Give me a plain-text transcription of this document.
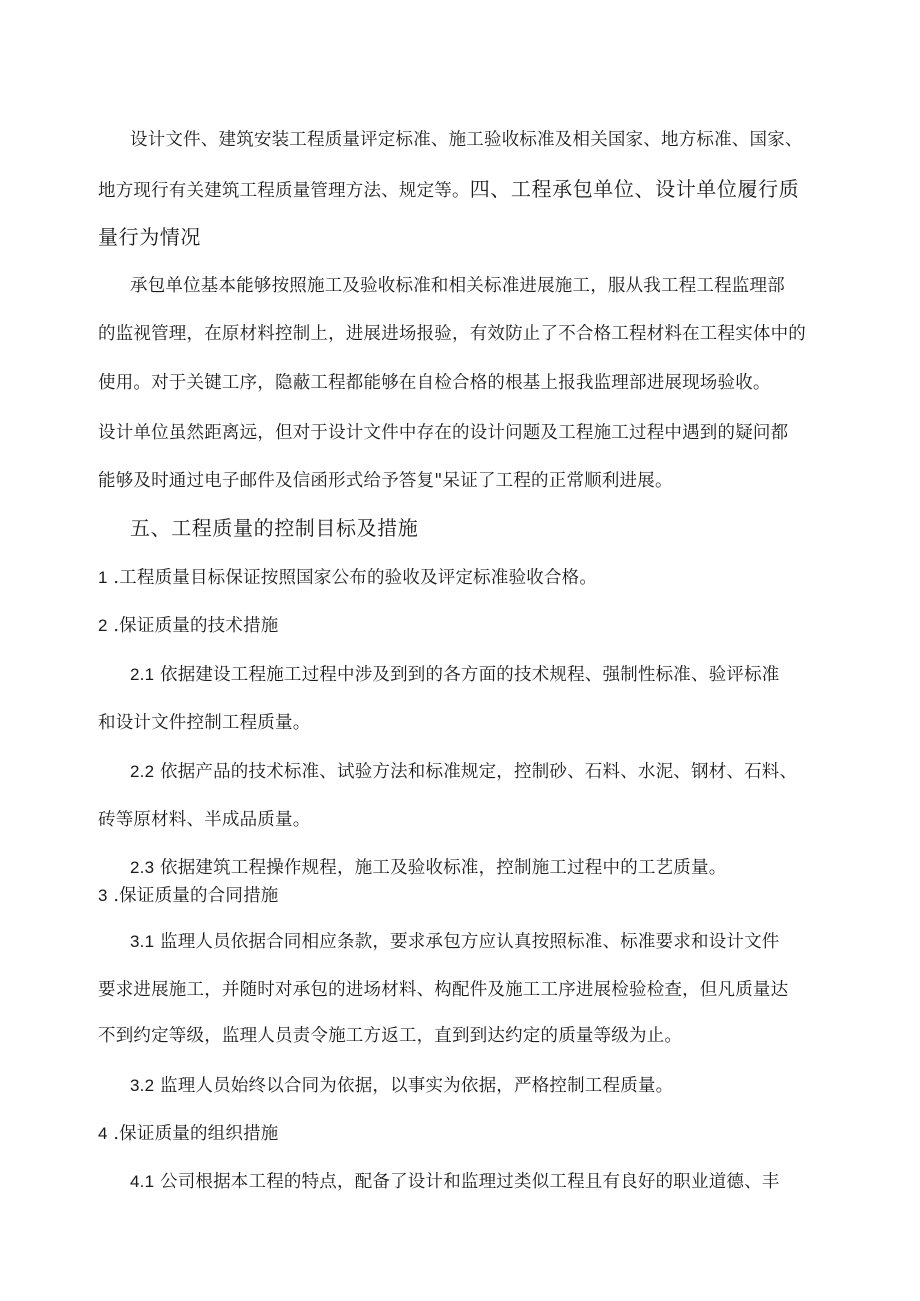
设计文件、建筑安装工程质量评定标准、施工验收标准及相关国家、地方标准、国家、
地方现行有关建筑工程质量管理方法、规定等。四、工程承包单位、设计单位履行质
量行为情况
承包单位基本能够按照施工及验收标准和相关标准进展施工，服从我工程工程监理部
的监视管理，在原材料控制上，进展进场报验，有效防止了不合格工程材料在工程实体中的
使用。对于关键工序，隐蔽工程都能够在自检合格的根基上报我监理部进展现场验收。
设计单位虽然距离远，但对于设计文件中存在的设计问题及工程施工过程中遇到的疑问都
能够及时通过电子邮件及信函形式给予答复"呆证了工程的正常顺利进展。
五、工程质量的控制目标及措施
1 .工程质量目标保证按照国家公布的验收及评定标准验收合格。
2 .保证质量的技术措施
2.1 依据建设工程施工过程中涉及到到的各方面的技术规程、强制性标准、验评标准
和设计文件控制工程质量。
2.2 依据产品的技术标准、试验方法和标准规定，控制砂、石料、水泥、钢材、石料、
砖等原材料、半成品质量。
2.3 依据建筑工程操作规程，施工及验收标准，控制施工过程中的工艺质量。
3 .保证质量的合同措施
3.1 监理人员依据合同相应条款，要求承包方应认真按照标准、标准要求和设计文件
要求进展施工，并随时对承包的进场材料、构配件及施工工序进展检验检查，但凡质量达
不到约定等级，监理人员责令施工方返工，直到到达约定的质量等级为止。
3.2 监理人员始终以合同为依据，以事实为依据，严格控制工程质量。
4 .保证质量的组织措施
4.1 公司根据本工程的特点，配备了设计和监理过类似工程且有良好的职业道德、丰
